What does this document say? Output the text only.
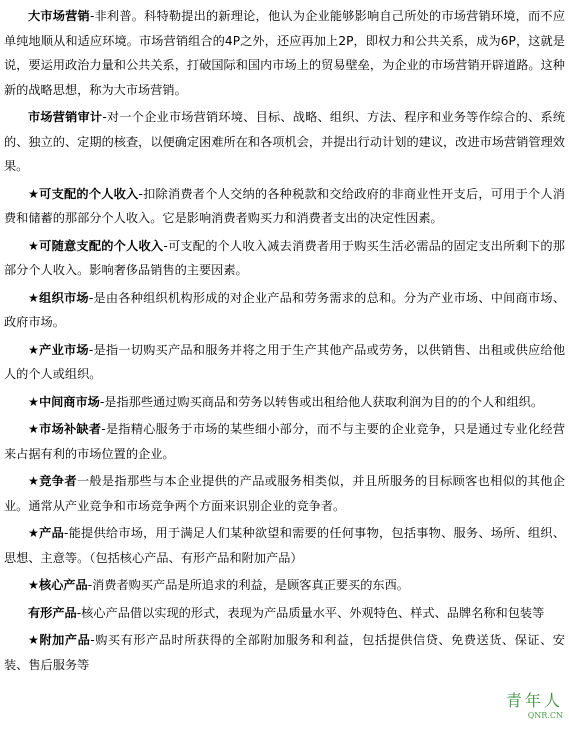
大市场营销-非利普。科特勒提出的新理论，他认为企业能够影响自己所处的市场营销环境，而不应单纯地顺从和适应环境。市场营销组合的4P之外，还应再加上2P，即权力和公共关系，成为6P，这就是说，要运用政治力量和公共关系，打破国际和国内市场上的贸易壁垒，为企业的市场营销开辟道路。这种新的战略思想，称为大市场营销。

市场营销审计-对一个企业市场营销环境、目标、战略、组织、方法、程序和业务等作综合的、系统的、独立的、定期的核查，以便确定困难所在和各项机会，并提出行动计划的建议，改进市场营销管理效果。

★可支配的个人收入-扣除消费者个人交纳的各种税款和交给政府的非商业性开支后，可用于个人消费和储蓄的那部分个人收入。它是影响消费者购买力和消费者支出的决定性因素。

★可随意支配的个人收入-可支配的个人收入减去消费者用于购买生活必需品的固定支出所剩下的那部分个人收入。影响奢侈品销售的主要因素。

★组织市场-是由各种组织机构形成的对企业产品和劳务需求的总和。分为产业市场、中间商市场、政府市场。

★产业市场-是指一切购买产品和服务并将之用于生产其他产品或劳务，以供销售、出租或供应给他人的个人或组织。

★中间商市场-是指那些通过购买商品和劳务以转售或出租给他人获取利润为目的的个人和组织。

★市场补缺者-是指精心服务于市场的某些细小部分，而不与主要的企业竞争，只是通过专业化经营来占据有利的市场位置的企业。

★竞争者一般是指那些与本企业提供的产品或服务相类似，并且所服务的目标顾客也相似的其他企业。通常从产业竞争和市场竞争两个方面来识别企业的竞争者。

★产品-能提供给市场，用于满足人们某种欲望和需要的任何事物，包括事物、服务、场所、组织、思想、主意等。（包括核心产品、有形产品和附加产品）

★核心产品-消费者购买产品是所追求的利益，是顾客真正要买的东西。

有形产品-核心产品借以实现的形式，表现为产品质量水平、外观特色、样式、品牌名称和包装等

★附加产品-购买有形产品时所获得的全部附加服务和利益，包括提供信贷、免费送货、保证、安装、售后服务等

青年人
QNR.CN
